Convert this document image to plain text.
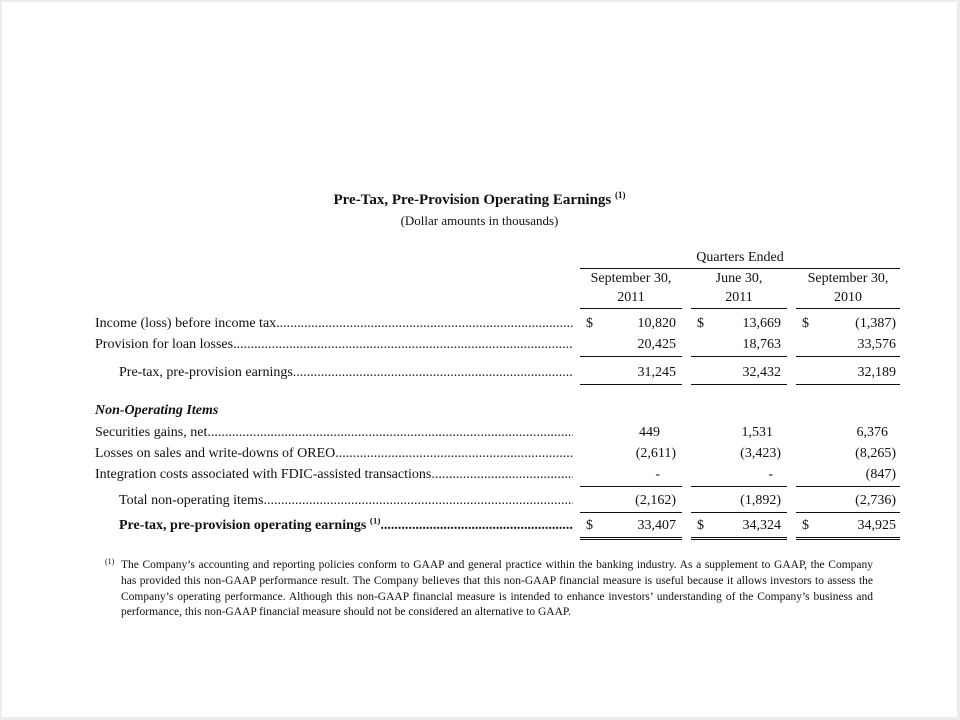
Pre-Tax, Pre-Provision Operating Earnings $^{(1)}$
(Dollar amounts in thousands)
Quarters Ended
September 30,
2011
June 30,
2011
September 30,
2010
Income (loss) before income tax .....	$	10,820 $	13,669 $	(1,387)
Provision for loan losses .....	20,425	18,763	33,576
Pre-tax, pre-provision earnings .....	31,245	32,432	32,189
Non-Operating Items
Securities gains, net .....	449	1,531	6,376
Losses on sales and write-downs of OREO .....	(2,611)	(3,423)	(8,265)
Integration costs associated with FDIC-assisted transactions .....	-	-	(847)
Total non-operating items .....	(2,162)	(1,892)	(2,736)
Pre-tax, pre-provision operating earnings $^{(1)}$ .....	$	33,407 $	34,324 $	34,925
(1) The Company’s accounting and reporting policies conform to GAAP and general practice within the banking industry. As a supplement to GAAP, the Company has provided this non-GAAP performance result. The Company believes that this non-GAAP financial measure is useful because it allows investors to assess the Company’s operating performance. Although this non-GAAP financial measure is intended to enhance investors’ understanding of the Company’s business and performance, this non-GAAP financial measure should not be considered an alternative to GAAP.
